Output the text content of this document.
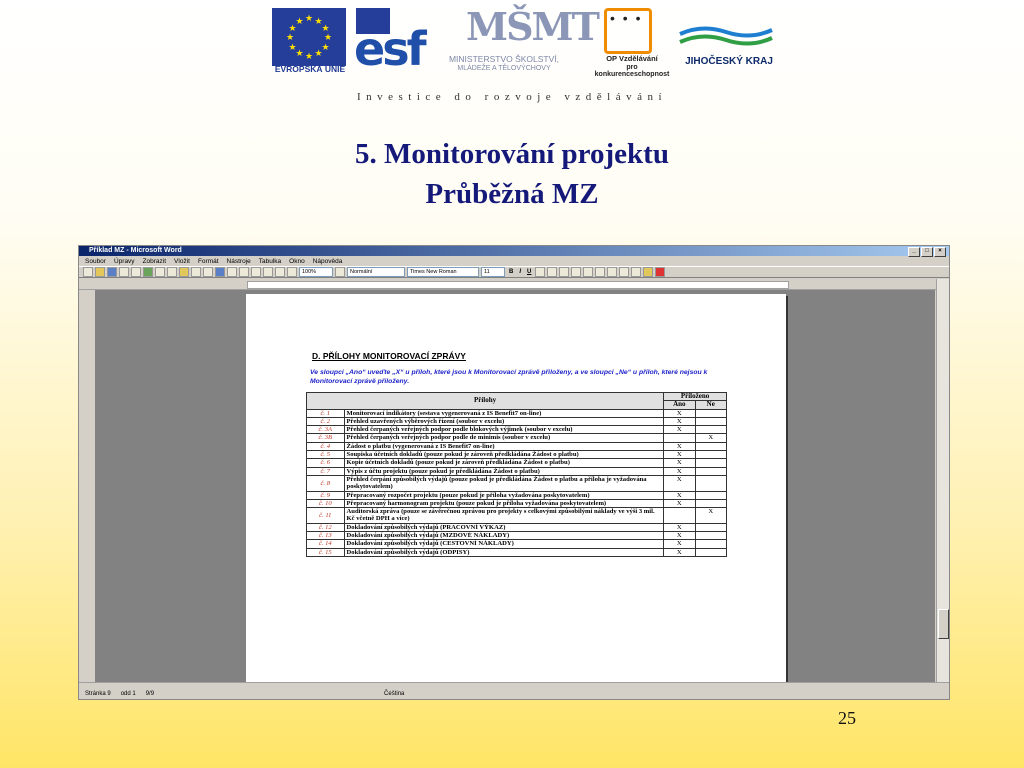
★ ★
★
★
★
★
★
★
★
★
★
★
EVROPSKÁ UNIE esf MŠMT
MINISTERSTVO ŠKOLSTVÍ,
MLÁDEŽE A TĚLOVÝCHOVY
• • •
OP Vzdělávání
pro konkurenceschopnost
JIHOČESKÝ KRAJ
Investice do rozvoje vzdělávání
5. Monitorování projektu
Průběžná MZ
Příklad MZ - Microsoft Word	_	□	×
Soubor Úpravy Zobrazit Vložit Formát Nástroje Tabulka Okno Nápověda
100%	Normální	Times New Roman	11	B	I	U
D. PŘÍLOHY MONITOROVACÍ ZPRÁVY
Ve sloupci „Ano“ uveďte „X“ u příloh, které jsou k Monitorovací zprávě přiloženy, a ve sloupci „Ne“ u příloh, které nejsou k Monitorovací zprávě přiloženy.
Přílohy		Přiloženo	
		Ano	Ne
č. 1	Monitorovací indikátory (sestava vygenerovaná z IS Benefit7 on-line)	X	
č. 2	Přehled uzavřených výběrových řízení (soubor v excelu)	X	
č. 3A	Přehled čerpaných veřejných podpor podle blokových výjimek (soubor v excelu)	X	
č. 3B	Přehled čerpaných veřejných podpor podle de minimis (soubor v excelu)		X
č. 4	Žádost o platbu (vygenerovaná z IS Benefit7 on-line)	X	
č. 5	Soupiska účetních dokladů (pouze pokud je zároveň předkládána Žádost o platbu)	X	
č. 6	Kopie účetních dokladů (pouze pokud je zároveň předkládána Žádost o platbu)	X	
č. 7	Výpis z účtu projektu (pouze pokud je předkládána Žádost o platbu)	X	
č. 8	Přehled čerpání způsobilých výdajů (pouze pokud je předkládána Žádost o platbu a příloha je vyžadována poskytovatelem)	X	
č. 9	Přepracovaný rozpočet projektu (pouze pokud je příloha vyžadována poskytovatelem)	X	
č. 10	Přepracovaný harmonogram projektu (pouze pokud je příloha vyžadována poskytovatelem)	X	
č. 11	Auditorská zpráva (pouze se závěrečnou zprávou pro projekty s celkovými způsobilými náklady ve výši 3 mil. Kč včetně DPH a více)		X
č. 12	Dokladování způsobilých výdajů (PRACOVNÍ VÝKAZ)	X	
č. 13	Dokladování způsobilých výdajů (MZDOVÉ NÁKLADY)	X	
č. 14	Dokladování způsobilých výdajů (CESTOVNÍ NÁKLADY)	X	
č. 15	Dokladování způsobilých výdajů (ODPISY)	X	
Stránka 9 odd 1 9/9	Čeština
25
